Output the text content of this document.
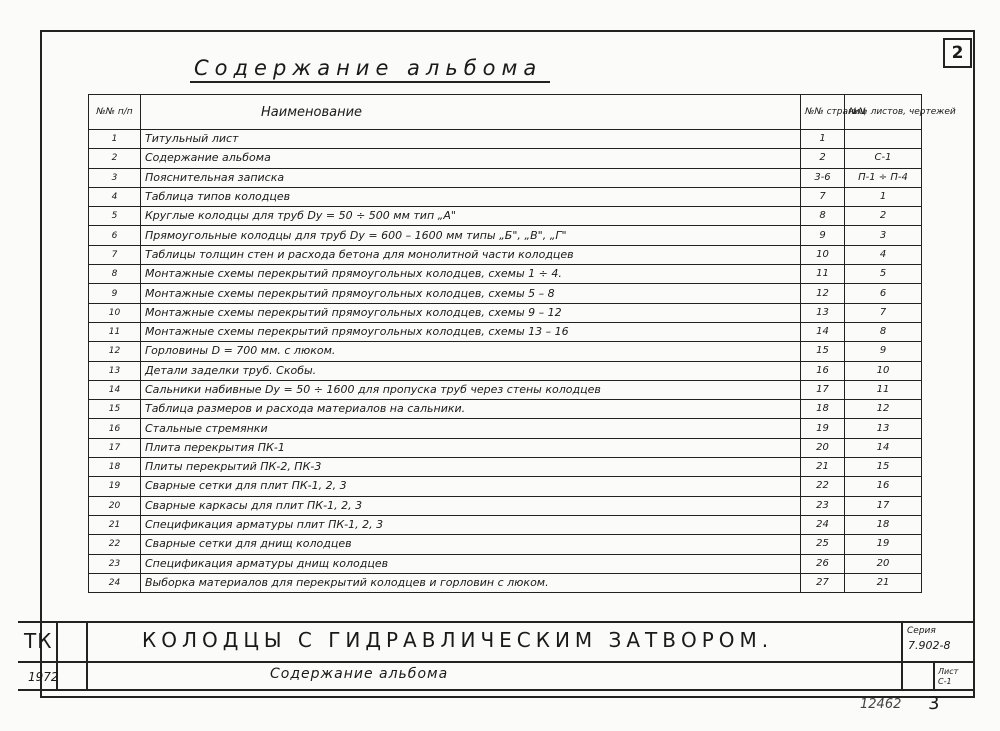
2
Содержание альбома
№№ п/п	Наименование	№№ страниц	№№ листов, чертежей
1	Титульный лист	1	
2	Содержание альбома	2	С-1
3	Пояснительная записка	3-6	П-1 ÷ П-4
4	Таблица типов колодцев	7	1
5	Круглые колодцы для труб Dу = 50 ÷ 500 мм тип „А"	8	2
6	Прямоугольные колодцы для труб Dу = 600 – 1600 мм типы „Б", „В", „Г"	9	3
7	Таблицы толщин стен и расхода бетона для монолитной части колодцев	10	4
8	Монтажные схемы перекрытий прямоугольных колодцев, схемы 1 ÷ 4.	11	5
9	Монтажные схемы перекрытий прямоугольных колодцев, схемы 5 – 8	12	6
10	Монтажные схемы перекрытий прямоугольных колодцев, схемы 9 – 12	13	7
11	Монтажные схемы перекрытий прямоугольных колодцев, схемы 13 – 16	14	8
12	Горловины D = 700 мм. с люком.	15	9
13	Детали заделки труб. Скобы.	16	10
14	Сальники набивные Dу = 50 ÷ 1600 для пропуска труб через стены колодцев	17	11
15	Таблица размеров и расхода материалов на сальники.	18	12
16	Стальные стремянки	19	13
17	Плита перекрытия ПК-1	20	14
18	Плиты перекрытий ПК-2, ПК-3	21	15
19	Сварные сетки для плит ПК-1, 2, 3	22	16
20	Сварные каркасы для плит ПК-1, 2, 3	23	17
21	Спецификация арматуры плит ПК-1, 2, 3	24	18
22	Сварные сетки для днищ колодцев	25	19
23	Спецификация арматуры днищ колодцев	26	20
24	Выборка материалов для перекрытий колодцев и горловин с люком.	27	21
ТК
1972
КОЛОДЦЫ С ГИДРАВЛИЧЕСКИМ ЗАТВОРОМ.
Содержание альбома
Серия
7.902-8
Лист
С-1
12462 3
